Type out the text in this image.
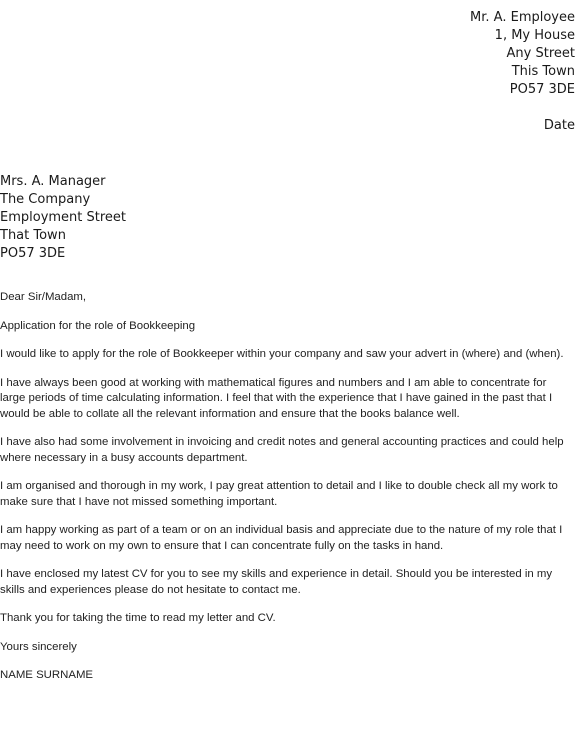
Mr. A. Employee
1, My House
Any Street
This Town
PO57 3DE
Date
Mrs. A. Manager
The Company
Employment Street
That Town
PO57 3DE

Dear Sir/Madam,

Application for the role of Bookkeeping

I would like to apply for the role of Bookkeeper within your company and saw your advert in (where) and (when).

I have always been good at working with mathematical figures and numbers and I am able to concentrate for large periods of time calculating information. I feel that with the experience that I have gained in the past that I would be able to collate all the relevant information and ensure that the books balance well.

I have also had some involvement in invoicing and credit notes and general accounting practices and could help where necessary in a busy accounts department.

I am organised and thorough in my work, I pay great attention to detail and I like to double check all my work to make sure that I have not missed something important.

I am happy working as part of a team or on an individual basis and appreciate due to the nature of my role that I may need to work on my own to ensure that I can concentrate fully on the tasks in hand.

I have enclosed my latest CV for you to see my skills and experience in detail. Should you be interested in my skills and experiences please do not hesitate to contact me.

Thank you for taking the time to read my letter and CV.

Yours sincerely

NAME SURNAME
